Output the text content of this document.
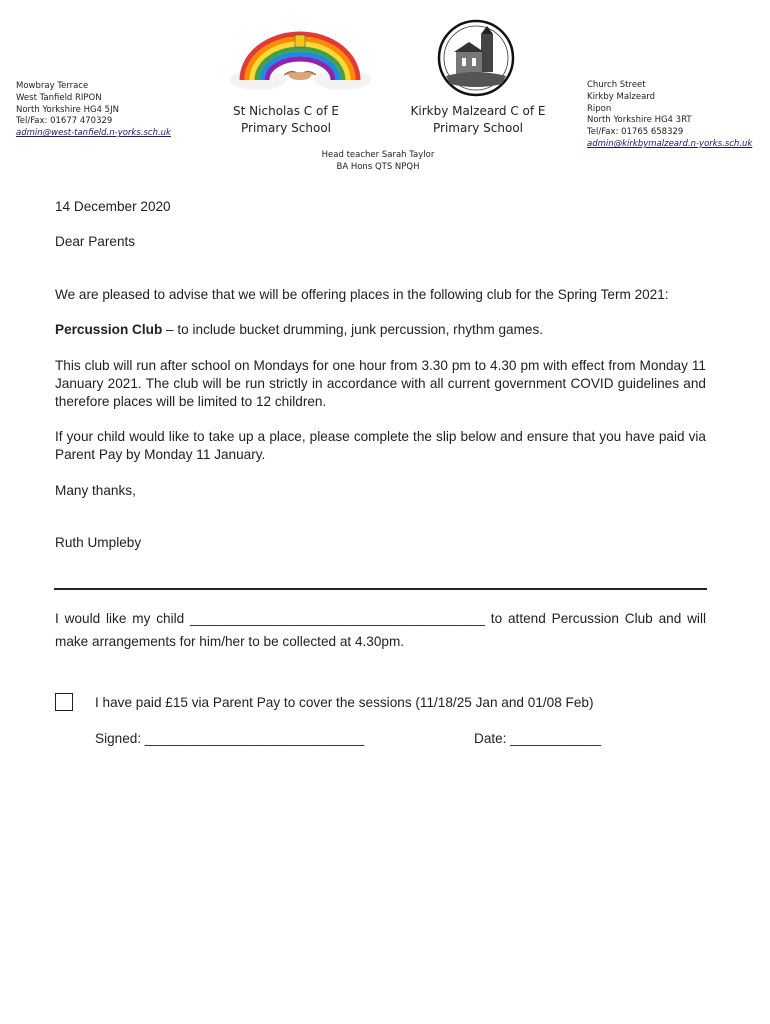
Mowbray Terrace
West Tanfield RIPON
North Yorkshire HG4 5JN
Tel/Fax: 01677 470329
admin@west-tanfield.n-yorks.sch.uk
St Nicholas C of E
Primary School
Kirkby Malzeard C of E
Primary School
Church Street
Kirkby Malzeard
Ripon
North Yorkshire HG4 3RT
Tel/Fax: 01765 658329
admin@kirkbymalzeard.n-yorks.sch.uk
Head teacher Sarah Taylor
BA Hons QTS NPQH
14 December 2020
Dear Parents
We are pleased to advise that we will be offering places in the following club for the Spring Term 2021:
Percussion Club – to include bucket drumming, junk percussion, rhythm games.
This club will run after school on Mondays for one hour from 3.30 pm to 4.30 pm with effect from Monday 11 January 2021. The club will be run strictly in accordance with all current government COVID guidelines and therefore places will be limited to 12 children.
If your child would like to take up a place, please complete the slip below and ensure that you have paid via Parent Pay by Monday 11 January.
Many thanks,
Ruth Umpleby
I would like my child _______________________________________ to attend Percussion Club and will make arrangements for him/her to be collected at 4.30pm.
I have paid £15 via Parent Pay to cover the sessions (11/18/25 Jan and 01/08 Feb)
Signed: _____________________________	Date: ____________
